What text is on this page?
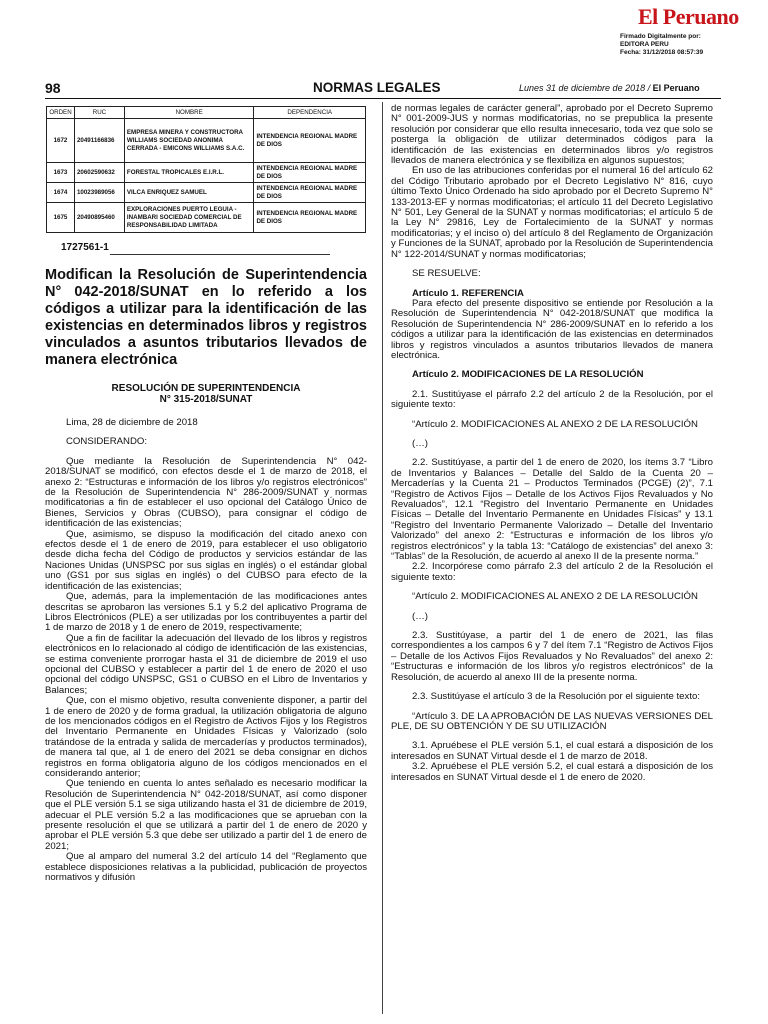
El Peruano
Firmado Digitalmente por:
EDITORA PERU
Fecha: 31/12/2018 08:57:39
98	NORMAS LEGALES	Lunes 31 de diciembre de 2018 / El Peruano
ORDEN	RUC	NOMBRE	DEPENDENCIA
1672	20491166836	EMPRESA MINERA Y CONSTRUCTORA WILLIAMS SOCIEDAD ANONIMA CERRADA - EMICONS WILLIAMS S.A.C.	INTENDENCIA REGIONAL MADRE DE DIOS
1673	20602590632	FORESTAL TROPICALES E.I.R.L.	INTENDENCIA REGIONAL MADRE DE DIOS
1674	10023989056	VILCA ENRIQUEZ SAMUEL	INTENDENCIA REGIONAL MADRE DE DIOS
1675	20490895460	EXPLORACIONES PUERTO LEGUIA - INAMBARI SOCIEDAD COMERCIAL DE RESPONSABILIDAD LIMITADA	INTENDENCIA REGIONAL MADRE DE DIOS
1727561-1
Modifican la Resolución de Superintendencia N° 042-2018/SUNAT en lo referido a los códigos a utilizar para la identificación de las existencias en determinados libros y registros vinculados a asuntos tributarios llevados de manera electrónica
RESOLUCIÓN DE SUPERINTENDENCIA
N° 315-2018/SUNAT

Lima, 28 de diciembre de 2018

CONSIDERANDO:

Que mediante la Resolución de Superintendencia N° 042-2018/SUNAT se modificó, con efectos desde el 1 de marzo de 2018, el anexo 2: “Estructuras e información de los libros y/o registros electrónicos” de la Resolución de Superintendencia N° 286-2009/SUNAT y normas modificatorias a fin de establecer el uso opcional del Catálogo Único de Bienes, Servicios y Obras (CUBSO), para consignar el código de identificación de las existencias;

Que, asimismo, se dispuso la modificación del citado anexo con efectos desde el 1 de enero de 2019, para establecer el uso obligatorio desde dicha fecha del Código de productos y servicios estándar de las Naciones Unidas (UNSPSC por sus siglas en inglés) o el estándar global uno (GS1 por sus siglas en inglés) o del CUBSO para efecto de la identificación de las existencias;

Que, además, para la implementación de las modificaciones antes descritas se aprobaron las versiones 5.1 y 5.2 del aplicativo Programa de Libros Electrónicos (PLE) a ser utilizadas por los contribuyentes a partir del 1 de marzo de 2018 y 1 de enero de 2019, respectivamente;

Que a fin de facilitar la adecuación del llevado de los libros y registros electrónicos en lo relacionado al código de identificación de las existencias, se estima conveniente prorrogar hasta el 31 de diciembre de 2019 el uso opcional del CUBSO y establecer a partir del 1 de enero de 2020 el uso opcional del código UNSPSC, GS1 o CUBSO en el Libro de Inventarios y Balances;

Que, con el mismo objetivo, resulta conveniente disponer, a partir del 1 de enero de 2020 y de forma gradual, la utilización obligatoria de alguno de los mencionados códigos en el Registro de Activos Fijos y los Registros del Inventario Permanente en Unidades Físicas y Valorizado (solo tratándose de la entrada y salida de mercaderías y productos terminados), de manera tal que, al 1 de enero del 2021 se deba consignar en dichos registros en forma obligatoria alguno de los códigos mencionados en el considerando anterior;

Que teniendo en cuenta lo antes señalado es necesario modificar la Resolución de Superintendencia N° 042-2018/SUNAT, así como disponer que el PLE versión 5.1 se siga utilizando hasta el 31 de diciembre de 2019, adecuar el PLE versión 5.2 a las modificaciones que se aprueban con la presente resolución el que se utilizará a partir del 1 de enero de 2020 y aprobar el PLE versión 5.3 que debe ser utilizado a partir del 1 de enero de 2021;

Que al amparo del numeral 3.2 del artículo 14 del “Reglamento que establece disposiciones relativas a la publicidad, publicación de proyectos normativos y difusión

de normas legales de carácter general”, aprobado por el Decreto Supremo N° 001-2009-JUS y normas modificatorias, no se prepublica la presente resolución por considerar que ello resulta innecesario, toda vez que solo se posterga la obligación de utilizar determinados códigos para la identificación de las existencias en determinados libros y/o registros llevados de manera electrónica y se flexibiliza en algunos supuestos;

En uso de las atribuciones conferidas por el numeral 16 del artículo 62 del Código Tributario aprobado por el Decreto Legislativo N° 816, cuyo último Texto Único Ordenado ha sido aprobado por el Decreto Supremo N° 133-2013-EF y normas modificatorias; el artículo 11 del Decreto Legislativo N° 501, Ley General de la SUNAT y normas modificatorias; el artículo 5 de la Ley N° 29816, Ley de Fortalecimiento de la SUNAT y normas modificatorias; y el inciso o) del artículo 8 del Reglamento de Organización y Funciones de la SUNAT, aprobado por la Resolución de Superintendencia N° 122-2014/SUNAT y normas modificatorias;

SE RESUELVE:

Artículo 1. REFERENCIA

Para efecto del presente dispositivo se entiende por Resolución a la Resolución de Superintendencia N° 042-2018/SUNAT que modifica la Resolución de Superintendencia N° 286-2009/SUNAT en lo referido a los códigos a utilizar para la identificación de las existencias en determinados libros y registros vinculados a asuntos tributarios llevados de manera electrónica.

Artículo 2. MODIFICACIONES DE LA RESOLUCIÓN

2.1. Sustitúyase el párrafo 2.2 del artículo 2 de la Resolución, por el siguiente texto:

“Artículo 2. MODIFICACIONES AL ANEXO 2 DE LA RESOLUCIÓN

(…)

2.2. Sustitúyase, a partir del 1 de enero de 2020, los ítems 3.7 “Libro de Inventarios y Balances – Detalle del Saldo de la Cuenta 20 – Mercaderías y la Cuenta 21 – Productos Terminados (PCGE) (2)”, 7.1 “Registro de Activos Fijos – Detalle de los Activos Fijos Revaluados y No Revaluados”, 12.1 “Registro del Inventario Permanente en Unidades Físicas – Detalle del Inventario Permanente en Unidades Físicas” y 13.1 “Registro del Inventario Permanente Valorizado – Detalle del Inventario Valorizado” del anexo 2: “Estructuras e información de los libros y/o registros electrónicos” y la tabla 13: “Catálogo de existencias” del anexo 3: “Tablas” de la Resolución, de acuerdo al anexo II de la presente norma.”

2.2. Incorpórese como párrafo 2.3 del artículo 2 de la Resolución el siguiente texto:

“Artículo 2. MODIFICACIONES AL ANEXO 2 DE LA RESOLUCIÓN

(…)

2.3. Sustitúyase, a partir del 1 de enero de 2021, las filas correspondientes a los campos 6 y 7 del ítem 7.1 “Registro de Activos Fijos – Detalle de los Activos Fijos Revaluados y No Revaluados” del anexo 2: “Estructuras e información de los libros y/o registros electrónicos” de la Resolución, de acuerdo al anexo III de la presente norma.

2.3. Sustitúyase el artículo 3 de la Resolución por el siguiente texto:

“Artículo 3. DE LA APROBACIÓN DE LAS NUEVAS VERSIONES DEL PLE, DE SU OBTENCIÓN Y DE SU UTILIZACIÓN

3.1. Apruébese el PLE versión 5.1, el cual estará a disposición de los interesados en SUNAT Virtual desde el 1 de marzo de 2018.

3.2. Apruébese el PLE versión 5.2, el cual estará a disposición de los interesados en SUNAT Virtual desde el 1 de enero de 2020.
